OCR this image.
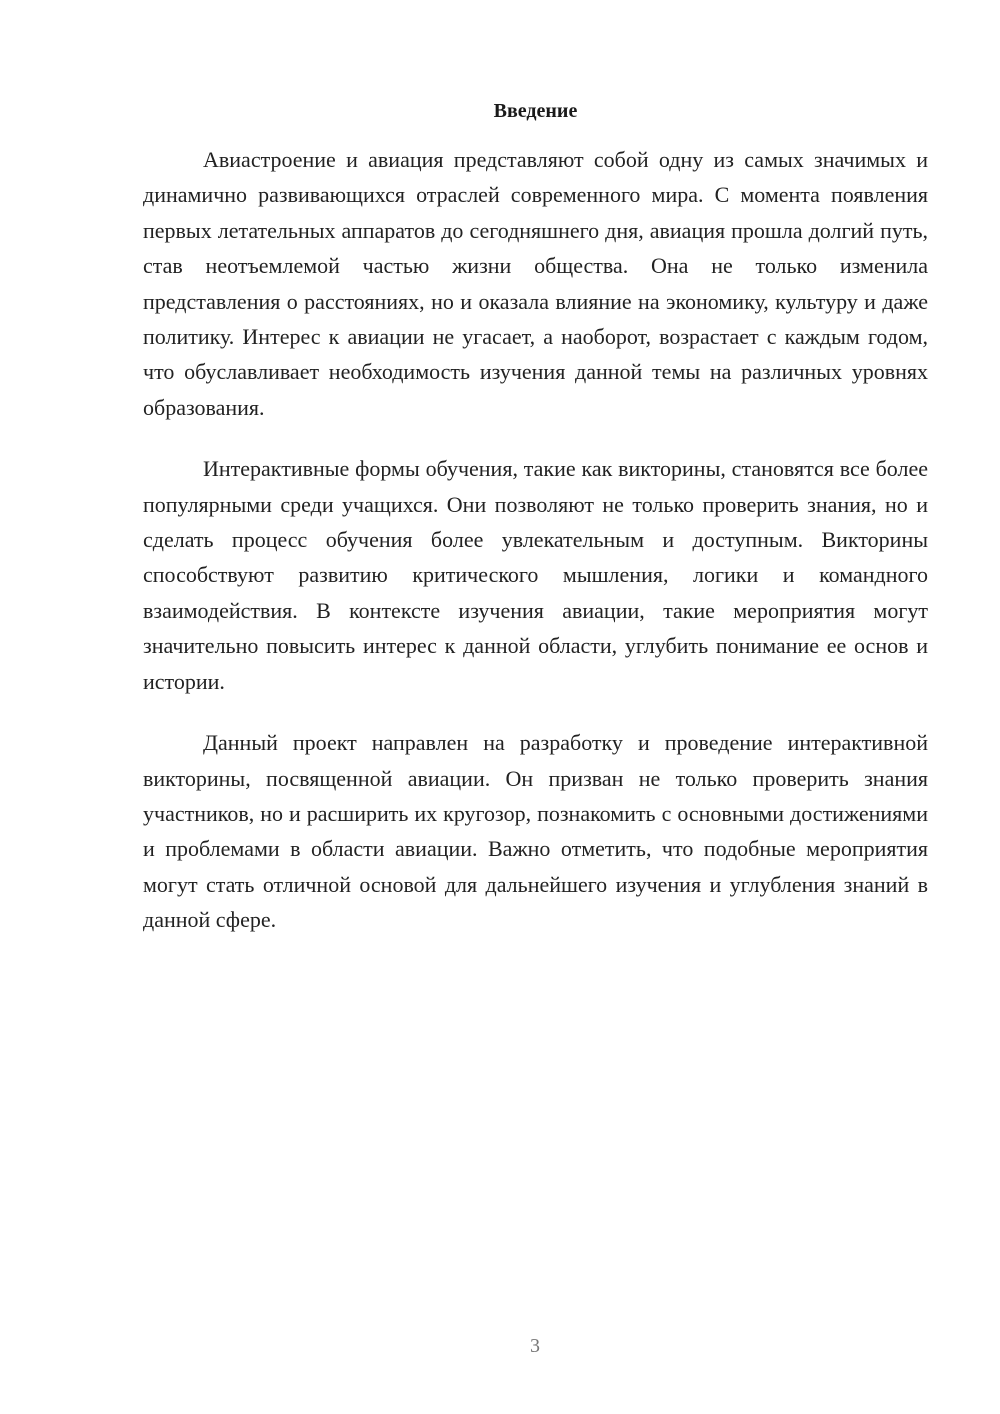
Введение

Авиастроение и авиация представляют собой одну из самых значимых и динамично развивающихся отраслей современного мира. С момента появления первых летательных аппаратов до сегодняшнего дня, авиация прошла долгий путь, став неотъемлемой частью жизни общества. Она не только изменила представления о расстояниях, но и оказала влияние на экономику, культуру и даже политику. Интерес к авиации не угасает, а наоборот, возрастает с каждым годом, что обуславливает необходимость изучения данной темы на различных уровнях образования.

Интерактивные формы обучения, такие как викторины, становятся все более популярными среди учащихся. Они позволяют не только проверить знания, но и сделать процесс обучения более увлекательным и доступным. Викторины способствуют развитию критического мышления, логики и командного взаимодействия. В контексте изучения авиации, такие мероприятия могут значительно повысить интерес к данной области, углубить понимание ее основ и истории.

Данный проект направлен на разработку и проведение интерактивной викторины, посвященной авиации. Он призван не только проверить знания участников, но и расширить их кругозор, познакомить с основными достижениями и проблемами в области авиации. Важно отметить, что подобные мероприятия могут стать отличной основой для дальнейшего изучения и углубления знаний в данной сфере.

3
